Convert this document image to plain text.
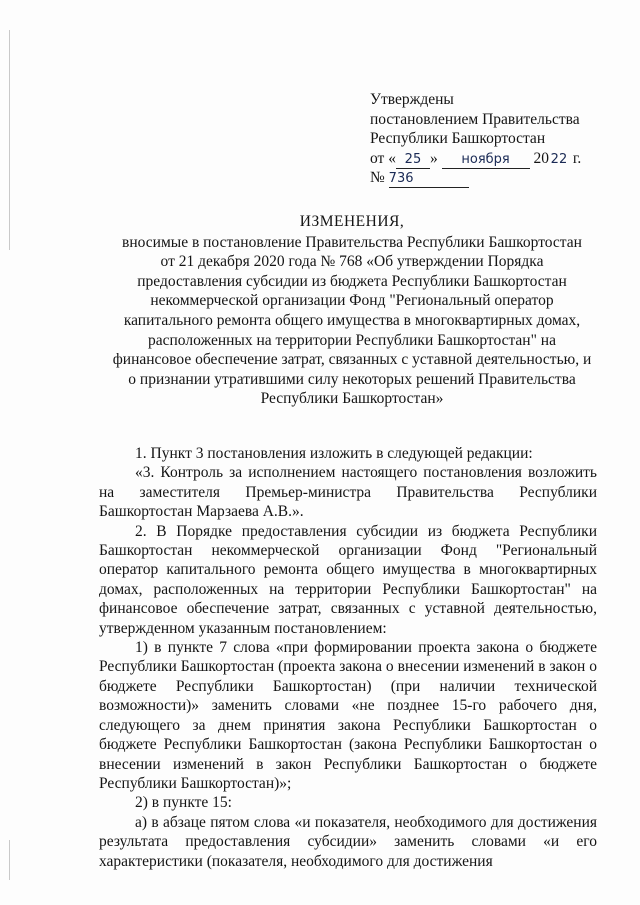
Утверждены
постановлением Правительства
Республики Башкортостан
от « 25 » ноября 20 22 г.
№ 736
ИЗМЕНЕНИЯ,
вносимые в постановление Правительства Республики Башкортостан
от 21 декабря 2020 года № 768 «Об утверждении Порядка
предоставления субсидии из бюджета Республики Башкортостан
некоммерческой организации Фонд "Региональный оператор
капитального ремонта общего имущества в многоквартирных домах,
расположенных на территории Республики Башкортостан" на
финансовое обеспечение затрат, связанных с уставной деятельностью, и
о признании утратившими силу некоторых решений Правительства
Республики Башкортостан»

1. Пункт 3 постановления изложить в следующей редакции:

«3. Контроль за исполнением настоящего постановления возложить на заместителя Премьер-министра Правительства Республики Башкортостан Марзаева А.В.».

2. В Порядке предоставления субсидии из бюджета Республики Башкортостан некоммерческой организации Фонд "Региональный оператор капитального ремонта общего имущества в многоквартирных домах, расположенных на территории Республики Башкортостан" на финансовое обеспечение затрат, связанных с уставной деятельностью, утвержденном указанным постановлением:

1) в пункте 7 слова «при формировании проекта закона о бюджете Республики Башкортостан (проекта закона о внесении изменений в закон о бюджете Республики Башкортостан) (при наличии технической возможности)» заменить словами «не позднее 15-го рабочего дня, следующего за днем принятия закона Республики Башкортостан о бюджете Республики Башкортостан (закона Республики Башкортостан о внесении изменений в закон Республики Башкортостан о бюджете Республики Башкортостан)»;

2) в пункте 15:

а) в абзаце пятом слова «и показателя, необходимого для достижения результата предоставления субсидии» заменить словами «и его характеристики (показателя, необходимого для достижения
